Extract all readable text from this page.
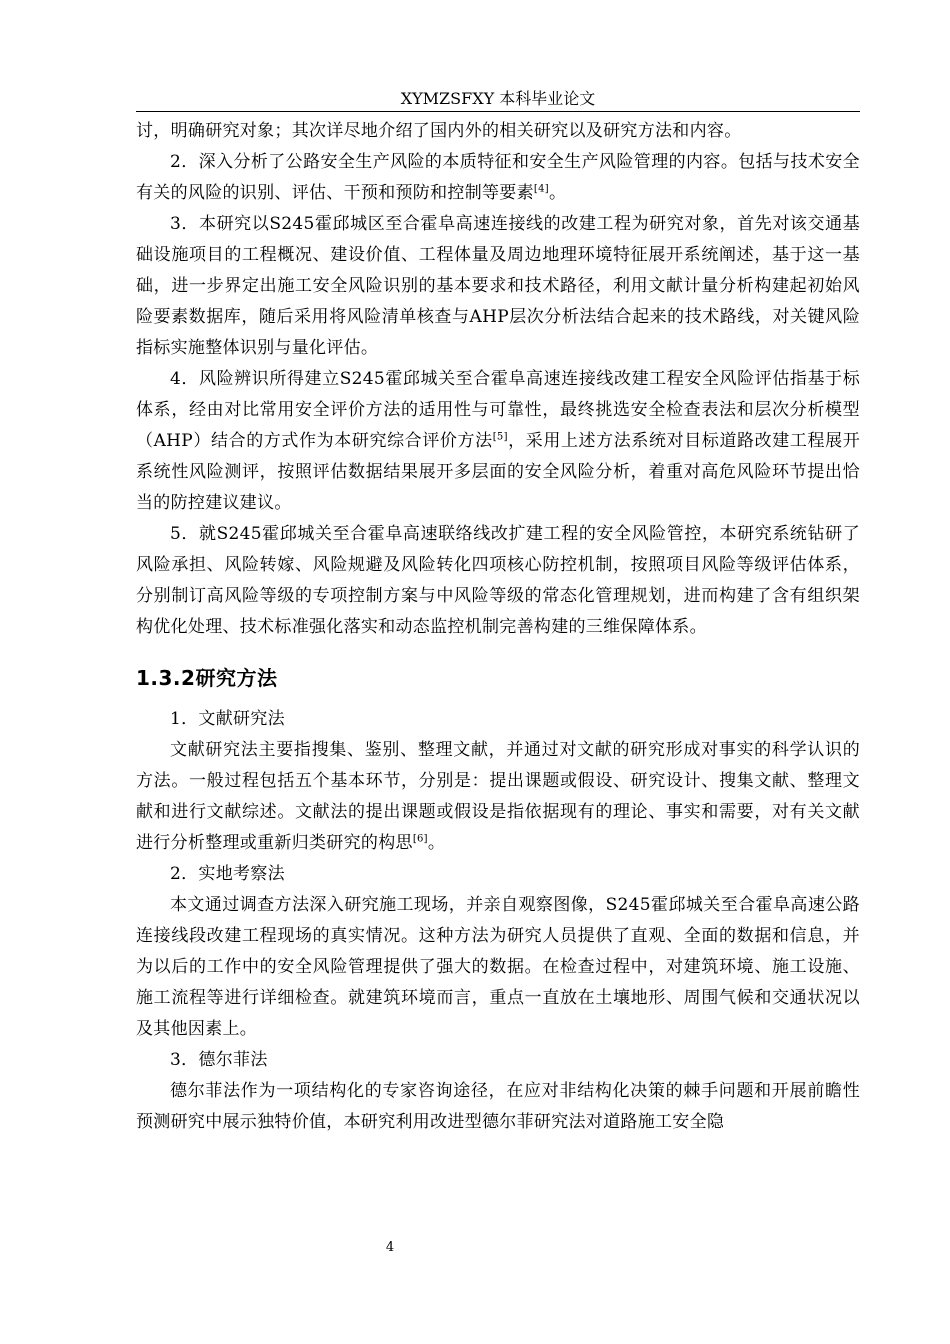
XYMZSFXY 本科毕业论文

讨，明确研究对象；其次详尽地介绍了国内外的相关研究以及研究方法和内容。

2．深入分析了公路安全生产风险的本质特征和安全生产风险管理的内容。包括与技术安全有关的风险的识别、评估、干预和预防和控制等要素[4]。

3．本研究以S245霍邱城区至合霍阜高速连接线的改建工程为研究对象，首先对该交通基础设施项目的工程概况、建设价值、工程体量及周边地理环境特征展开系统阐述，基于这一基础，进一步界定出施工安全风险识别的基本要求和技术路径，利用文献计量分析构建起初始风险要素数据库，随后采用将风险清单核查与AHP层次分析法结合起来的技术路线，对关键风险指标实施整体识别与量化评估。

4．风险辨识所得建立S245霍邱城关至合霍阜高速连接线改建工程安全风险评估指基于标体系，经由对比常用安全评价方法的适用性与可靠性，最终挑选安全检查表法和层次分析模型（AHP）结合的方式作为本研究综合评价方法[5]，采用上述方法系统对目标道路改建工程展开系统性风险测评，按照评估数据结果展开多层面的安全风险分析，着重对高危风险环节提出恰当的防控建议建议。

5．就S245霍邱城关至合霍阜高速联络线改扩建工程的安全风险管控，本研究系统钻研了风险承担、风险转嫁、风险规避及风险转化四项核心防控机制，按照项目风险等级评估体系，分别制订高风险等级的专项控制方案与中风险等级的常态化管理规划，进而构建了含有组织架构优化处理、技术标准强化落实和动态监控机制完善构建的三维保障体系。

1.3.2研究方法

1．文献研究法

文献研究法主要指搜集、鉴别、整理文献，并通过对文献的研究形成对事实的科学认识的方法。一般过程包括五个基本环节，分别是：提出课题或假设、研究设计、搜集文献、整理文献和进行文献综述。文献法的提出课题或假设是指依据现有的理论、事实和需要，对有关文献进行分析整理或重新归类研究的构思[6]。

2．实地考察法

本文通过调查方法深入研究施工现场，并亲自观察图像，S245霍邱城关至合霍阜高速公路连接线段改建工程现场的真实情况。这种方法为研究人员提供了直观、全面的数据和信息，并为以后的工作中的安全风险管理提供了强大的数据。在检查过程中，对建筑环境、施工设施、施工流程等进行详细检查。就建筑环境而言，重点一直放在土壤地形、周围气候和交通状况以及其他因素上。

3．德尔菲法

德尔菲法作为一项结构化的专家咨询途径，在应对非结构化决策的棘手问题和开展前瞻性预测研究中展示独特价值，本研究利用改进型德尔菲研究法对道路施工安全隐

4
